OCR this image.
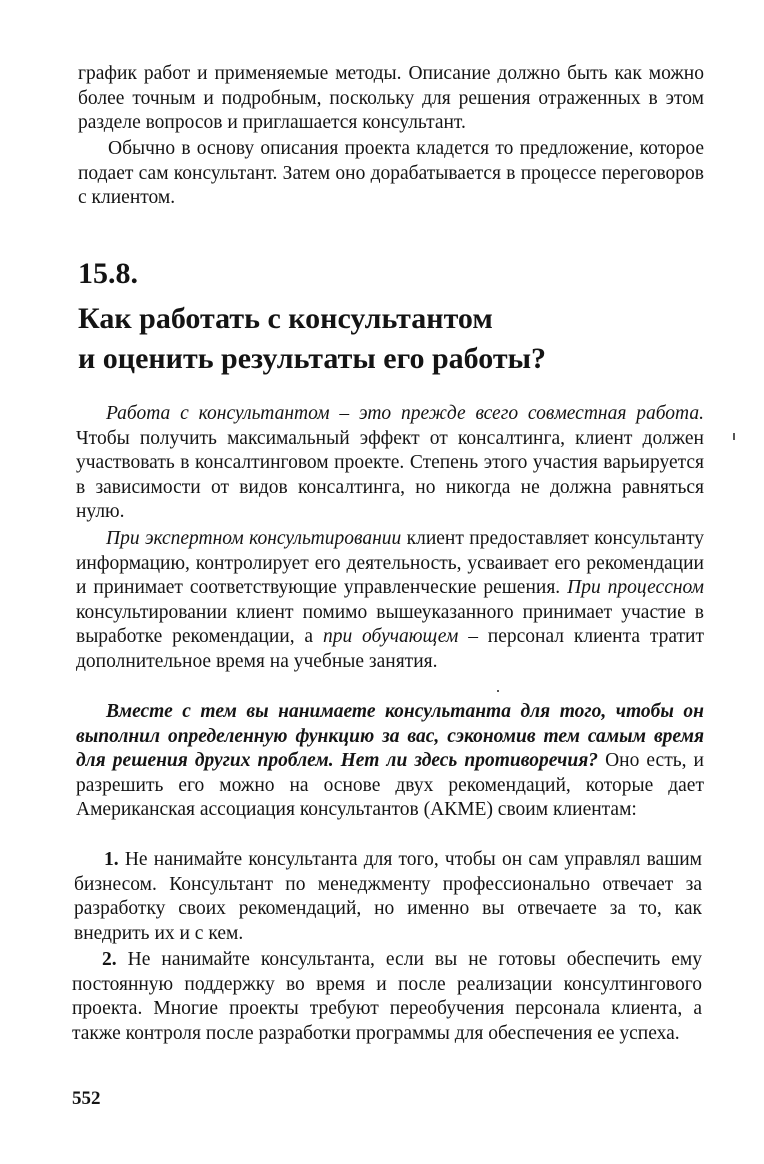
график работ и применяемые методы. Описание должно быть как можно более точным и подробным, поскольку для решения отраженных в этом разделе вопросов и приглашается консультант.

Обычно в основу описания проекта кладется то предложение, которое подает сам консультант. Затем оно дорабатывается в процессе переговоров с клиентом.

15.8.
Как работать с консультантом
и оценить результаты его работы?

Работа с консультантом – это прежде всего совместная работа. Чтобы получить максимальный эффект от консалтинга, клиент должен участвовать в консалтинговом проекте. Степень этого участия варьируется в зависимости от видов консалтинга, но никогда не должна равняться нулю.

При экспертном консультировании клиент предоставляет консультанту информацию, контролирует его деятельность, усваивает его рекомендации и принимает соответствующие управленческие решения. При процессном консультировании клиент помимо вышеуказанного принимает участие в выработке рекомендации, а при обучающем – персонал клиента тратит дополнительное время на учебные занятия.

Вместе с тем вы нанимаете консультанта для того, чтобы он выполнил определенную функцию за вас, сэкономив тем самым время для решения других проблем. Нет ли здесь противоречия? Оно есть, и разрешить его можно на основе двух рекомендаций, которые дает Американская ассоциация консультантов (АКМЕ) своим клиентам:

1. Не нанимайте консультанта для того, чтобы он сам управлял вашим бизнесом. Консультант по менеджменту профессионально отвечает за разработку своих рекомендаций, но именно вы отвечаете за то, как внедрить их и с кем.

2. Не нанимайте консультанта, если вы не готовы обеспечить ему постоянную поддержку во время и после реализации консултингового проекта. Многие проекты требуют переобучения персонала клиента, а также контроля после разработки программы для обеспечения ее успеха.

552
